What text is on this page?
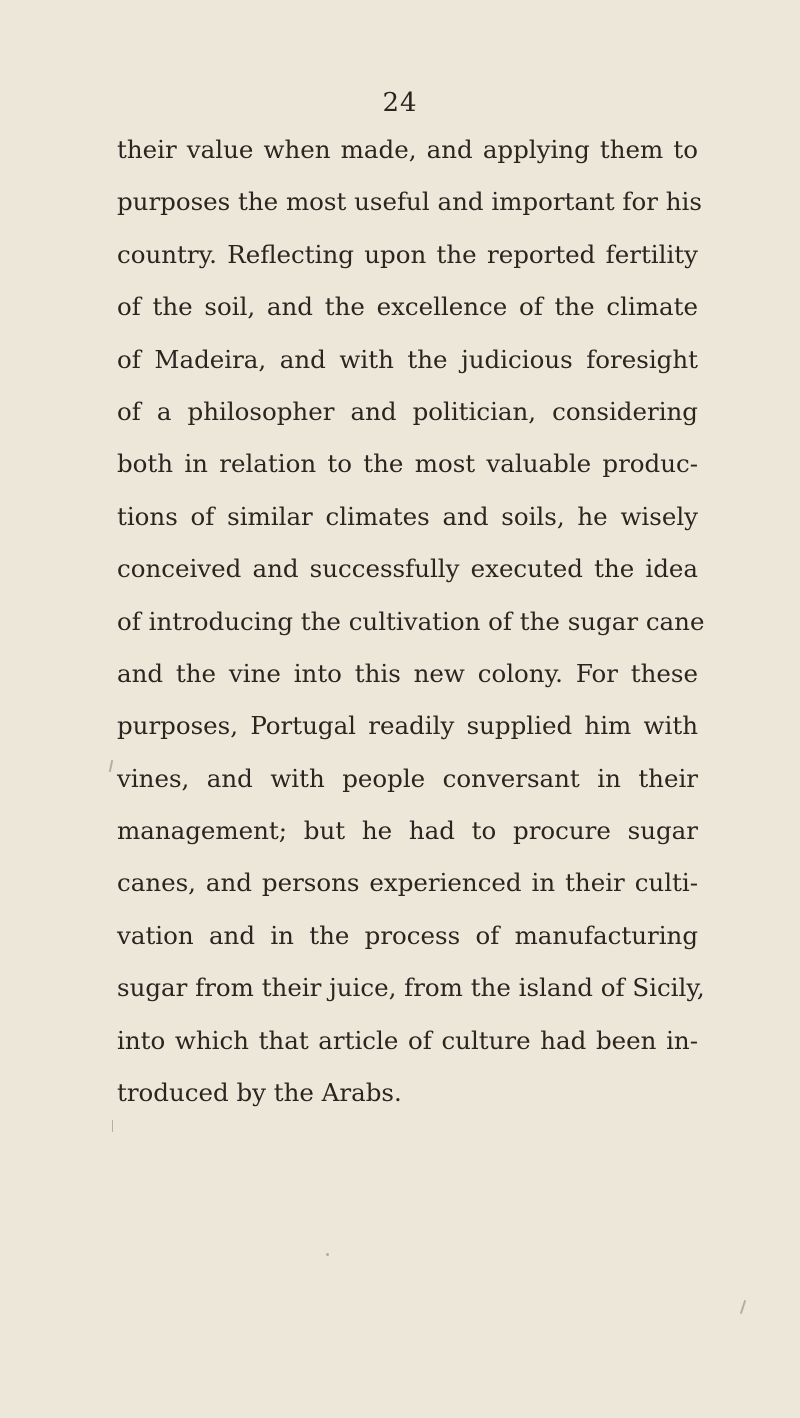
24
their value when made, and applying them to
purposes the most useful and important for his
country. Reflecting upon the reported fertility
of the soil, and the excellence of the climate
of Madeira, and with the judicious foresight
of a philosopher and politician, considering
both in relation to the most valuable produc-
tions of similar climates and soils, he wisely
conceived and successfully executed the idea
of introducing the cultivation of the sugar cane
and the vine into this new colony. For these
purposes, Portugal readily supplied him with
vines, and with people conversant in their
management; but he had to procure sugar
canes, and persons experienced in their culti-
vation and in the process of manufacturing
sugar from their juice, from the island of Sicily,
into which that article of culture had been in-
troduced by the Arabs.
